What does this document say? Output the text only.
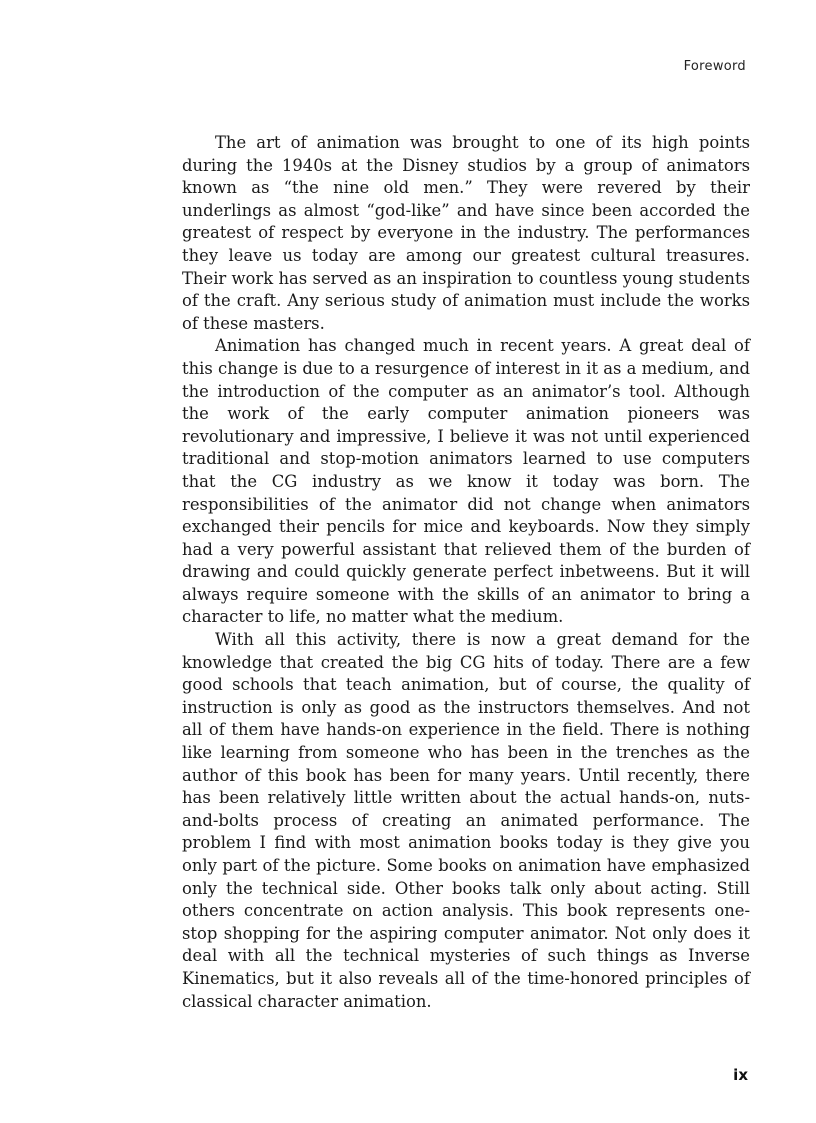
Foreword

The art of animation was brought to one of its high points during the 1940s at the Disney studios by a group of animators known as “the nine old men.” They were revered by their underlings as almost “god-like” and have since been accorded the greatest of respect by everyone in the industry. The performances they leave us today are among our greatest cultural treasures. Their work has served as an inspiration to countless young students of the craft. Any serious study of animation must include the works of these masters.

Animation has changed much in recent years. A great deal of this change is due to a resurgence of interest in it as a medium, and the introduction of the computer as an animator’s tool. Although the work of the early computer animation pioneers was revolutionary and impressive, I believe it was not until experienced traditional and stop-motion animators learned to use computers that the CG industry as we know it today was born. The responsibilities of the animator did not change when animators exchanged their pencils for mice and keyboards. Now they simply had a very powerful assistant that relieved them of the burden of drawing and could quickly generate perfect inbetweens. But it will always require someone with the skills of an animator to bring a character to life, no matter what the medium.

With all this activity, there is now a great demand for the knowledge that created the big CG hits of today. There are a few good schools that teach animation, but of course, the quality of instruction is only as good as the instructors themselves. And not all of them have hands-on experience in the field. There is nothing like learning from someone who has been in the trenches as the author of this book has been for many years. Until recently, there has been relatively little written about the actual hands-on, nuts-and-bolts process of creating an animated performance. The problem I find with most animation books today is they give you only part of the picture. Some books on animation have emphasized only the technical side. Other books talk only about acting. Still others concentrate on action analysis. This book represents one-stop shopping for the aspiring computer animator. Not only does it deal with all the technical mysteries of such things as Inverse Kinematics, but it also reveals all of the time-honored principles of classical character animation.

ix
